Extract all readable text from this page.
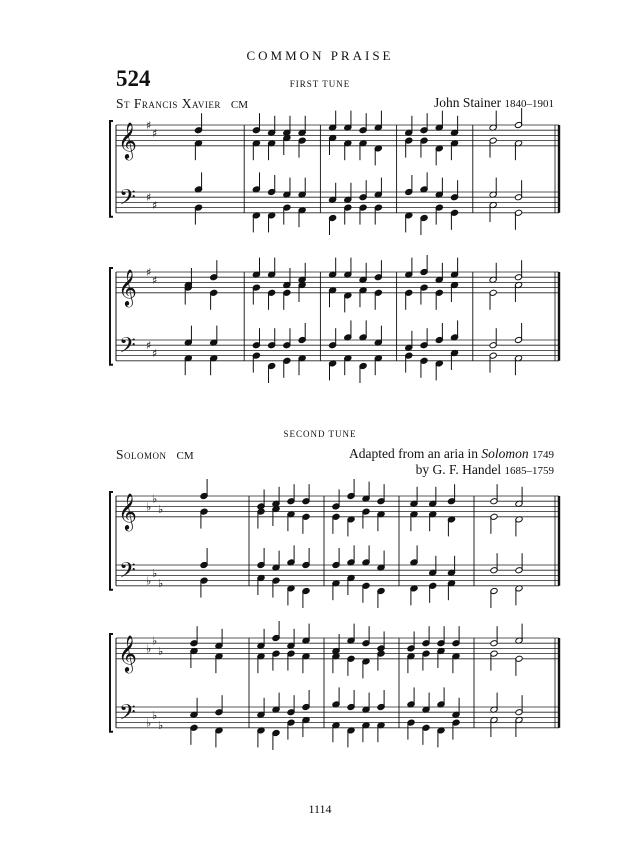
COMMON PRAISE
524	FIRST TUNE
St Francis Xavier CM	John Stainer 1840–1901
SECOND TUNE
Solomon CM	Adapted from an aria in Solomon 1749
by G. F. Handel 1685–1759
1114
𝄞
𝄢
♯
♯
♯
♯
𝄞
𝄢
♯
♯
♯
♯
𝄞
𝄢
♭
♭
♭
♭
♭
♭
𝄞
𝄢
♭
♭
♭
♭
♭
♭
